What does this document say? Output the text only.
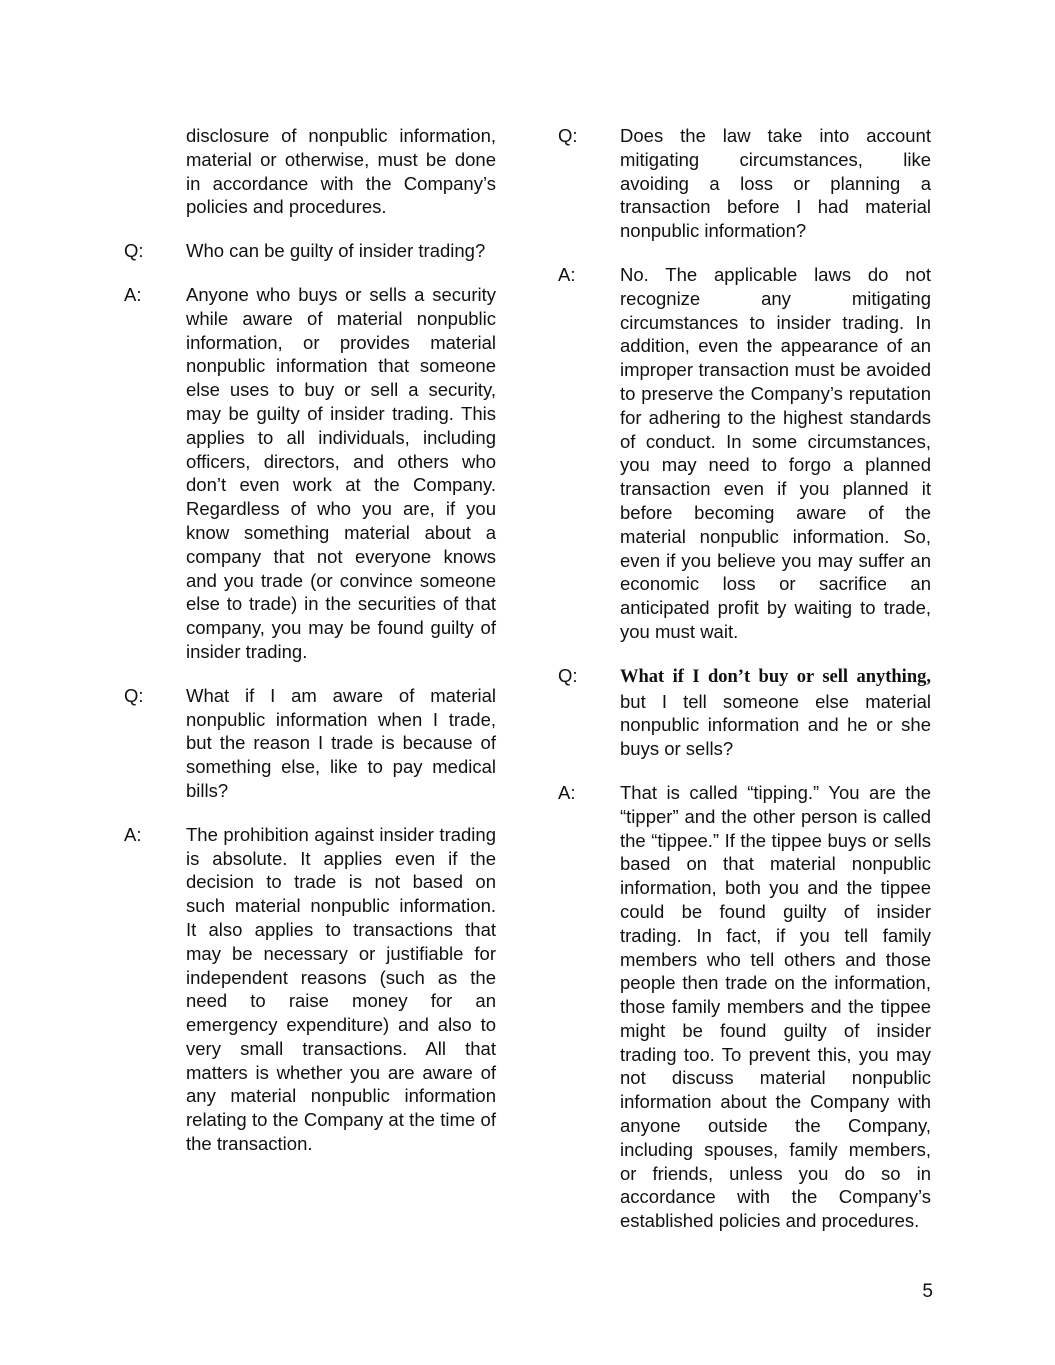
disclosure of nonpublic information, material or otherwise, must be done in accordance with the Company’s policies and procedures.

Q:	Who can be guilty of insider trading?
A:	Anyone who buys or sells a security while aware of material nonpublic information, or provides material nonpublic information that someone else uses to buy or sell a security, may be guilty of insider trading. This applies to all individuals, including officers, directors, and others who don’t even work at the Company. Regardless of who you are, if you know something material about a company that not everyone knows and you trade (or convince someone else to trade) in the securities of that company, you may be found guilty of insider trading.
Q:	What if I am aware of material nonpublic information when I trade, but the reason I trade is because of something else, like to pay medical bills?
A:	The prohibition against insider trading is absolute. It applies even if the decision to trade is not based on such material nonpublic information. It also applies to transactions that may be necessary or justifiable for independent reasons (such as the need to raise money for an emergency expenditure) and also to very small transactions. All that matters is whether you are aware of any material nonpublic information relating to the Company at the time of the transaction.
Q:	Does the law take into account mitigating circumstances, like avoiding a loss or planning a transaction before I had material nonpublic information?
A:	No. The applicable laws do not recognize any mitigating circumstances to insider trading. In addition, even the appearance of an improper transaction must be avoided to preserve the Company’s reputation for adhering to the highest standards of conduct. In some circumstances, you may need to forgo a planned transaction even if you planned it before becoming aware of the material nonpublic information. So, even if you believe you may suffer an economic loss or sacrifice an anticipated profit by waiting to trade, you must wait.
Q:	What if I don’t buy or sell anything, but I tell someone else material nonpublic information and he or she buys or sells?
A:	That is called “tipping.” You are the “tipper” and the other person is called the “tippee.” If the tippee buys or sells based on that material nonpublic information, both you and the tippee could be found guilty of insider trading. In fact, if you tell family members who tell others and those people then trade on the information, those family members and the tippee might be found guilty of insider trading too. To prevent this, you may not discuss material nonpublic information about the Company with anyone outside the Company, including spouses, family members, or friends, unless you do so in accordance with the Company’s established policies and procedures.
5
